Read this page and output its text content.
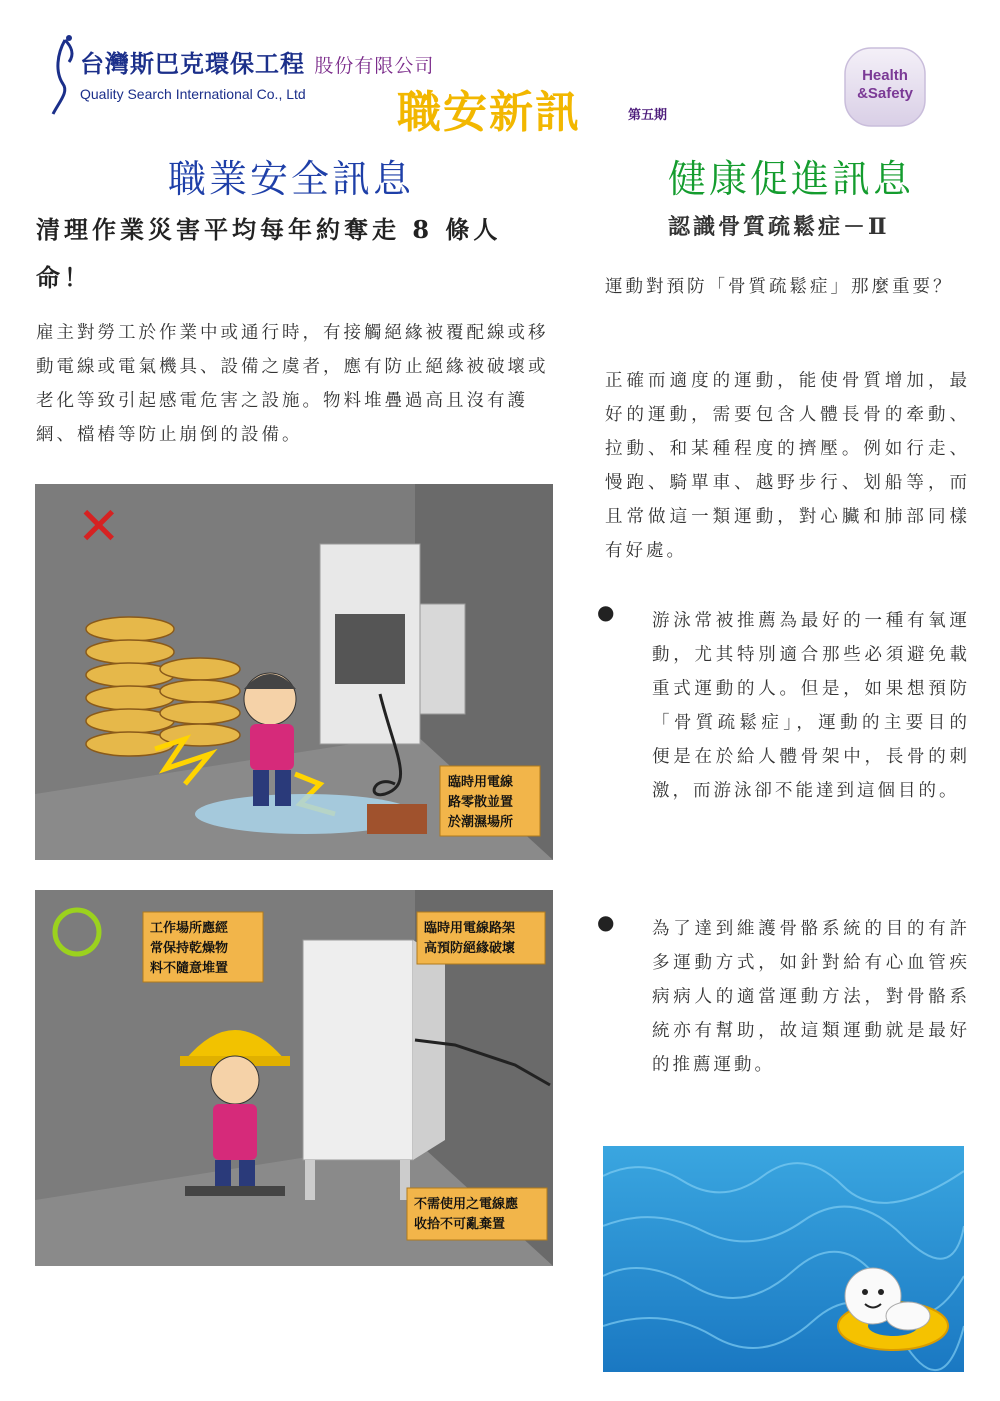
台灣斯巴克環保工程 股份有限公司
Quality Search International Co., Ltd 職安新訊	第五期
Health
&Safety
職業安全訊息
清理作業災害平均每年約奪走 8 條人命！
雇主對勞工於作業中或通行時，有接觸絕緣被覆配線或移動電線或電氣機具、設備之虞者，應有防止絕緣被破壞或老化等致引起感電危害之設施。物料堆疊過高且沒有護網、檔樁等防止崩倒的設備。
✕
臨時用電線
路零散並置
於潮濕場所
工作場所應經
常保持乾燥物
料不隨意堆置
臨時用電線路架
高預防絕緣破壞
不需使用之電線應
收拾不可亂棄置
健康促進訊息
認識骨質疏鬆症－Ⅱ
運動對預防「骨質疏鬆症」那麼重要？
正確而適度的運動，能使骨質增加，最好的運動，需要包含人體長骨的牽動、拉動、和某種程度的擠壓。例如行走、慢跑、騎單車、越野步行、划船等，而且常做這一類運動，對心臟和肺部同樣有好處。
● 游泳常被推薦為最好的一種有氧運動，尤其特別適合那些必須避免載重式運動的人。但是，如果想預防「骨質疏鬆症」，運動的主要目的便是在於給人體骨架中，長骨的刺激，而游泳卻不能達到這個目的。
● 為了達到維護骨骼系統的目的有許多運動方式，如針對給有心血管疾病病人的適當運動方法，對骨骼系統亦有幫助，故這類運動就是最好的推薦運動。
